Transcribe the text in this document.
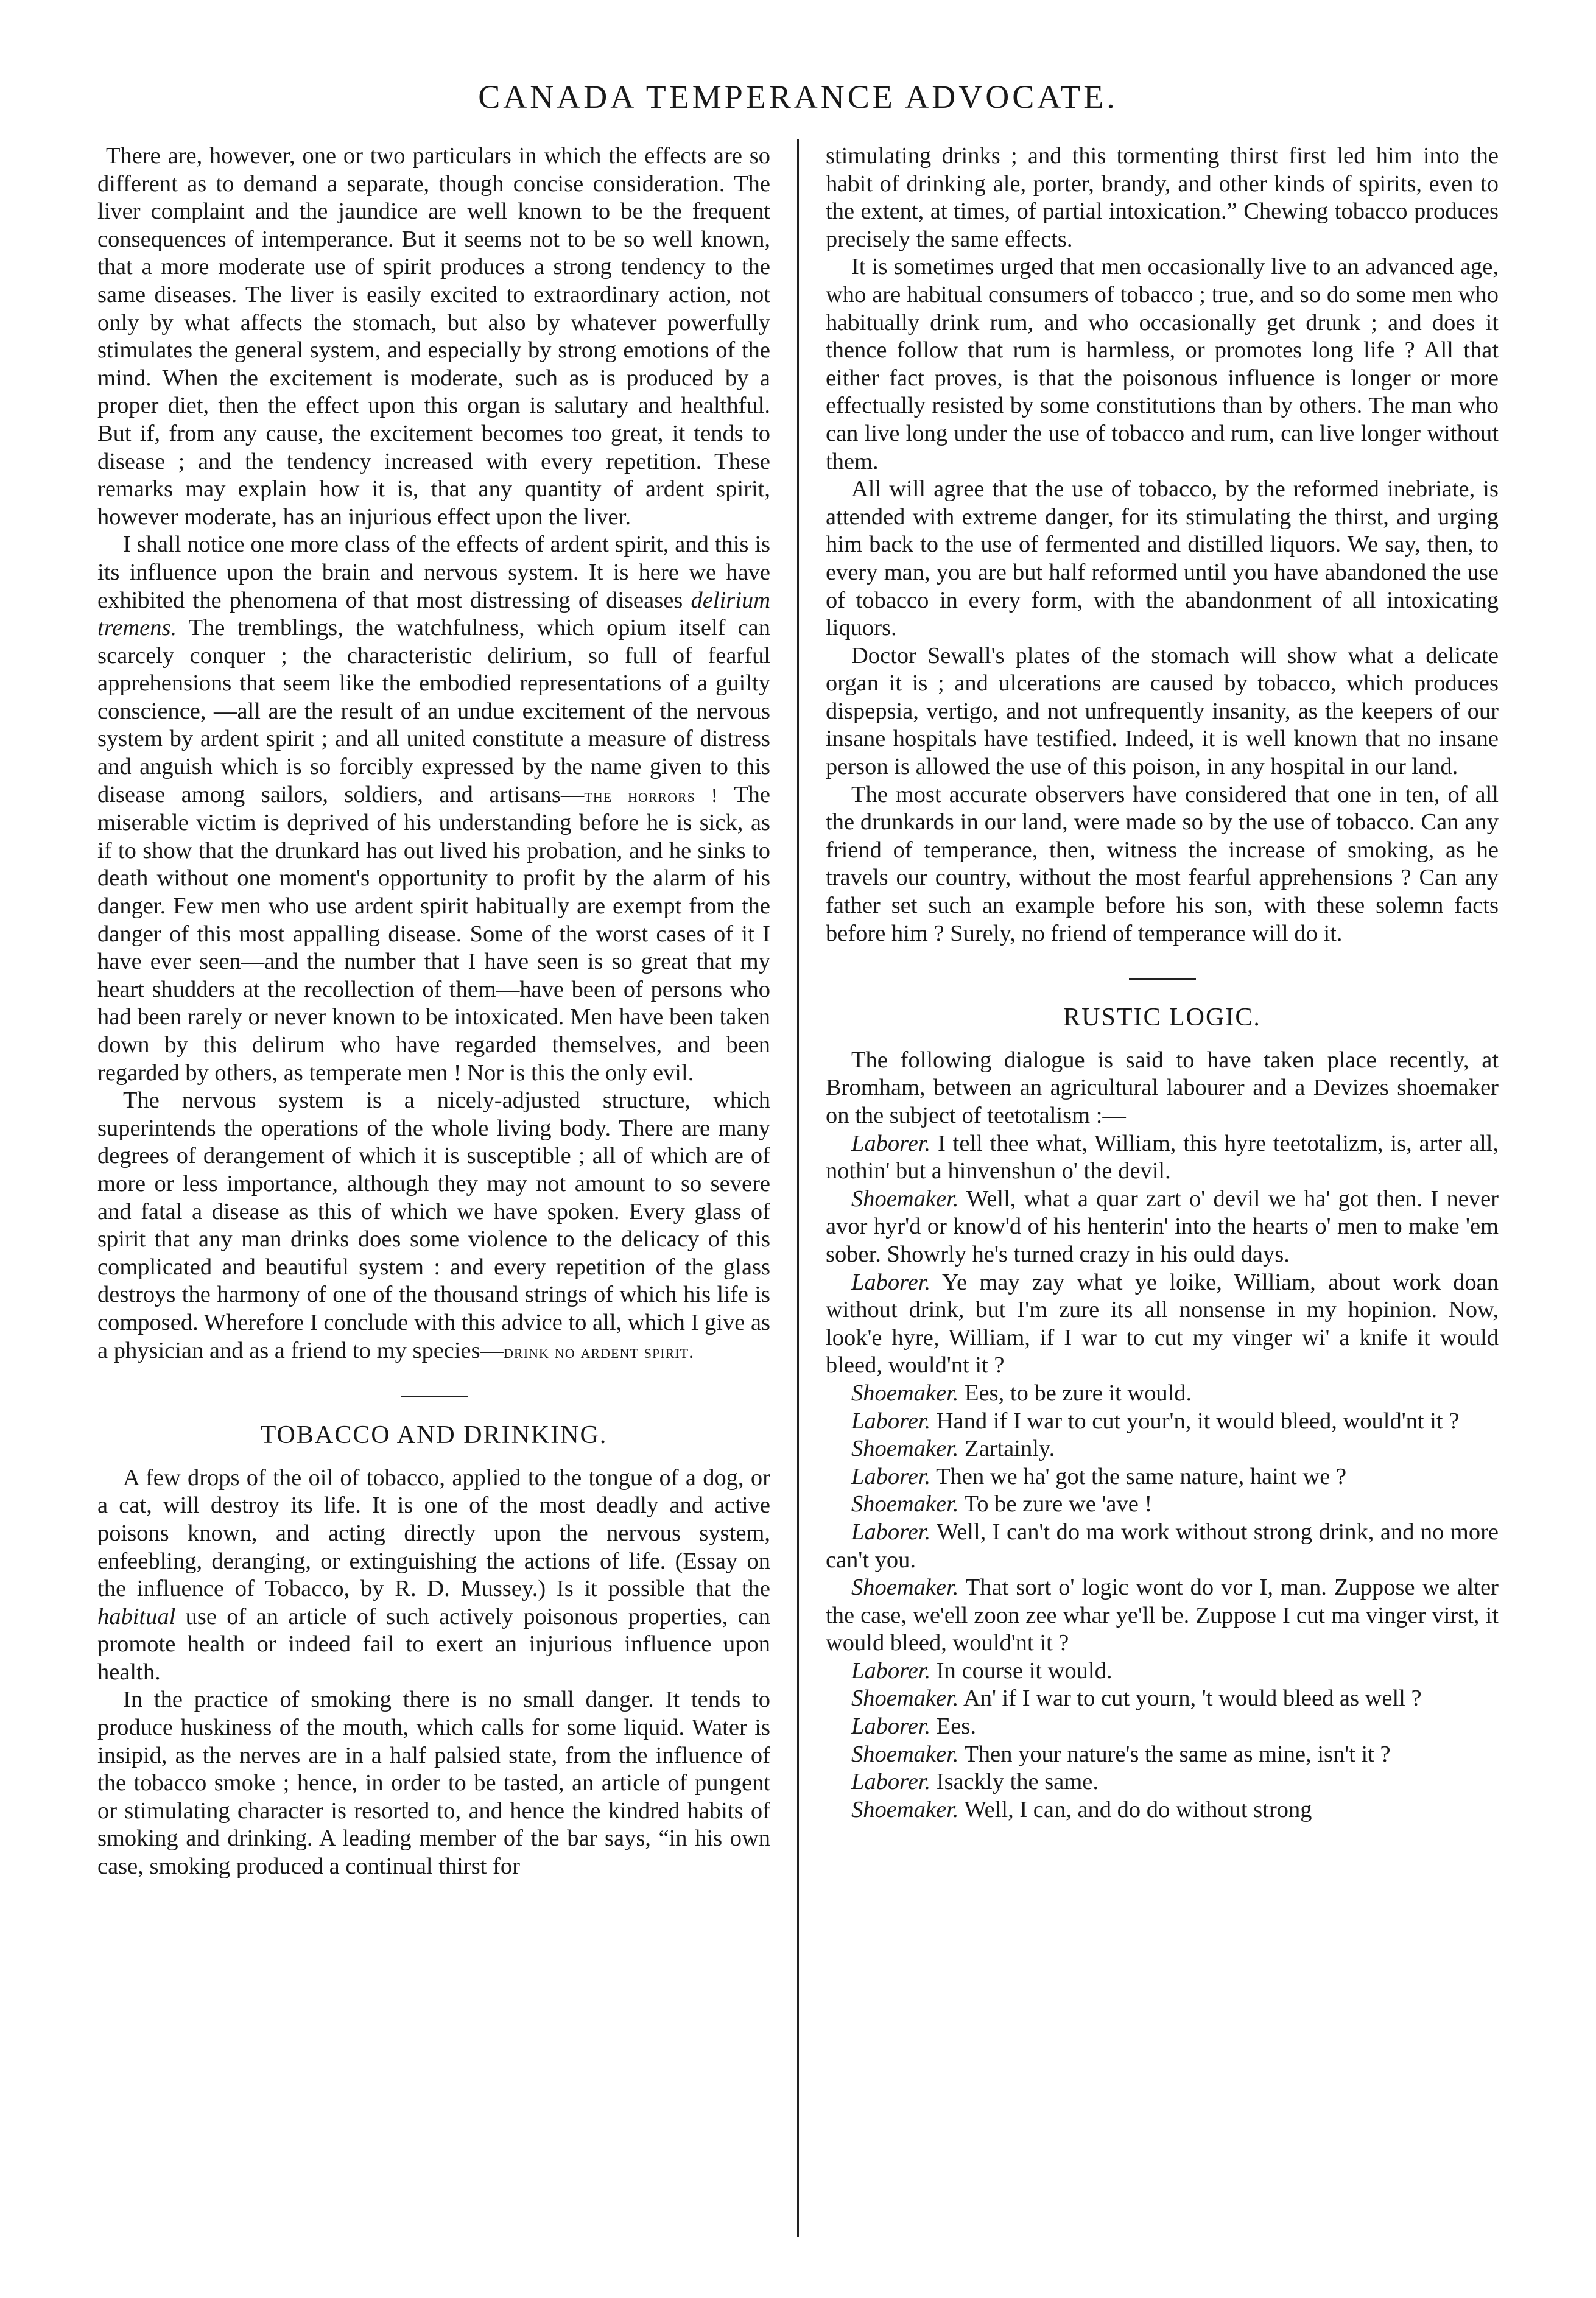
CANADA TEMPERANCE ADVOCATE.

There are, however, one or two particulars in which the effects are so different as to demand a separate, though concise consideration. The liver complaint and the jaundice are well known to be the frequent consequences of intemperance. But it seems not to be so well known, that a more moderate use of spirit produces a strong tendency to the same diseases. The liver is easily excited to extraordinary action, not only by what affects the stomach, but also by whatever powerfully stimulates the general system, and especially by strong emotions of the mind. When the excitement is moderate, such as is produced by a proper diet, then the effect upon this organ is salutary and healthful. But if, from any cause, the excitement becomes too great, it tends to disease ; and the tendency increased with every repetition. These remarks may explain how it is, that any quantity of ardent spirit, however moderate, has an injurious effect upon the liver.

I shall notice one more class of the effects of ardent spirit, and this is its influence upon the brain and nervous system. It is here we have exhibited the phenomena of that most distressing of diseases delirium tremens. The tremblings, the watchfulness, which opium itself can scarcely conquer ; the characteristic delirium, so full of fearful apprehensions that seem like the embodied representations of a guilty conscience, —all are the result of an undue excitement of the nervous system by ardent spirit ; and all united constitute a measure of distress and anguish which is so forcibly expressed by the name given to this disease among sailors, soldiers, and artisans—the horrors ! The miserable victim is deprived of his understanding before he is sick, as if to show that the drunkard has out lived his probation, and he sinks to death without one moment's opportunity to profit by the alarm of his danger. Few men who use ardent spirit habitually are exempt from the danger of this most appalling disease. Some of the worst cases of it I have ever seen—and the number that I have seen is so great that my heart shudders at the recollection of them—have been of persons who had been rarely or never known to be intoxicated. Men have been taken down by this delirum who have regarded themselves, and been regarded by others, as temperate men ! Nor is this the only evil.

The nervous system is a nicely-adjusted structure, which superintends the operations of the whole living body. There are many degrees of derangement of which it is susceptible ; all of which are of more or less importance, although they may not amount to so severe and fatal a disease as this of which we have spoken. Every glass of spirit that any man drinks does some violence to the delicacy of this complicated and beautiful system : and every repetition of the glass destroys the harmony of one of the thousand strings of which his life is composed. Wherefore I conclude with this advice to all, which I give as a physician and as a friend to my species—drink no ardent spirit.

TOBACCO AND DRINKING.

A few drops of the oil of tobacco, applied to the tongue of a dog, or a cat, will destroy its life. It is one of the most deadly and active poisons known, and acting directly upon the nervous system, enfeebling, deranging, or extinguishing the actions of life. (Essay on the influence of Tobacco, by R. D. Mussey.) Is it possible that the habitual use of an article of such actively poisonous properties, can promote health or indeed fail to exert an injurious influence upon health.

In the practice of smoking there is no small danger. It tends to produce huskiness of the mouth, which calls for some liquid. Water is insipid, as the nerves are in a half palsied state, from the influence of the tobacco smoke ; hence, in order to be tasted, an article of pungent or stimulating character is resorted to, and hence the kindred habits of smoking and drinking. A leading member of the bar says, “in his own case, smoking produced a continual thirst for

stimulating drinks ; and this tormenting thirst first led him into the habit of drinking ale, porter, brandy, and other kinds of spirits, even to the extent, at times, of partial intoxication.” Chewing tobacco produces precisely the same effects.

It is sometimes urged that men occasionally live to an advanced age, who are habitual consumers of tobacco ; true, and so do some men who habitually drink rum, and who occasionally get drunk ; and does it thence follow that rum is harmless, or promotes long life ? All that either fact proves, is that the poisonous influence is longer or more effectually resisted by some constitutions than by others. The man who can live long under the use of tobacco and rum, can live longer without them.

All will agree that the use of tobacco, by the reformed inebriate, is attended with extreme danger, for its stimulating the thirst, and urging him back to the use of fermented and distilled liquors. We say, then, to every man, you are but half reformed until you have abandoned the use of tobacco in every form, with the abandonment of all intoxicating liquors.

Doctor Sewall's plates of the stomach will show what a delicate organ it is ; and ulcerations are caused by tobacco, which produces dispepsia, vertigo, and not unfrequently insanity, as the keepers of our insane hospitals have testified. Indeed, it is well known that no insane person is allowed the use of this poison, in any hospital in our land.

The most accurate observers have considered that one in ten, of all the drunkards in our land, were made so by the use of tobacco. Can any friend of temperance, then, witness the increase of smoking, as he travels our country, without the most fearful apprehensions ? Can any father set such an example before his son, with these solemn facts before him ? Surely, no friend of temperance will do it.

RUSTIC LOGIC.

The following dialogue is said to have taken place recently, at Bromham, between an agricultural labourer and a Devizes shoemaker on the subject of teetotalism :—

Laborer. I tell thee what, William, this hyre teetotalizm, is, arter all, nothin' but a hinvenshun o' the devil.

Shoemaker. Well, what a quar zart o' devil we ha' got then. I never avor hyr'd or know'd of his henterin' into the hearts o' men to make 'em sober. Showrly he's turned crazy in his ould days.

Laborer. Ye may zay what ye loike, William, about work doan without drink, but I'm zure its all nonsense in my hopinion. Now, look'e hyre, William, if I war to cut my vinger wi' a knife it would bleed, would'nt it ?

Shoemaker. Ees, to be zure it would.

Laborer. Hand if I war to cut your'n, it would bleed, would'nt it ?

Shoemaker. Zartainly.

Laborer. Then we ha' got the same nature, haint we ?

Shoemaker. To be zure we 'ave !

Laborer. Well, I can't do ma work without strong drink, and no more can't you.

Shoemaker. That sort o' logic wont do vor I, man. Zuppose we alter the case, we'ell zoon zee whar ye'll be. Zuppose I cut ma vinger virst, it would bleed, would'nt it ?

Laborer. In course it would.

Shoemaker. An' if I war to cut yourn, 't would bleed as well ?

Laborer. Ees.

Shoemaker. Then your nature's the same as mine, isn't it ?

Laborer. Isackly the same.

Shoemaker. Well, I can, and do do without strong
